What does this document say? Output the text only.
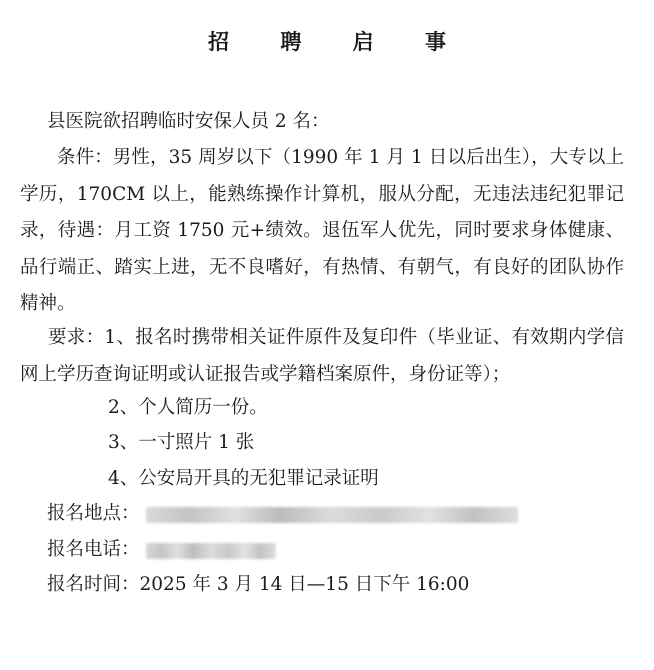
招 聘 启 事
县医院欲招聘临时安保人员 2 名：
条件：男性，35 周岁以下（1990 年 1 月 1 日以后出生），大专以上学历，170CM 以上，能熟练操作计算机，服从分配，无违法违纪犯罪记录，待遇：月工资 1750 元+绩效。退伍军人优先，同时要求身体健康、品行端正、踏实上进，无不良嗜好，有热情、有朝气，有良好的团队协作精神。
要求：1、报名时携带相关证件原件及复印件（毕业证、有效期内学信网上学历查询证明或认证报告或学籍档案原件，身份证等）；
2、个人简历一份。
3、一寸照片 1 张
4、公安局开具的无犯罪记录证明
报名地点：
报名电话：
报名时间：2025 年 3 月 14 日—15 日下午 16:00
